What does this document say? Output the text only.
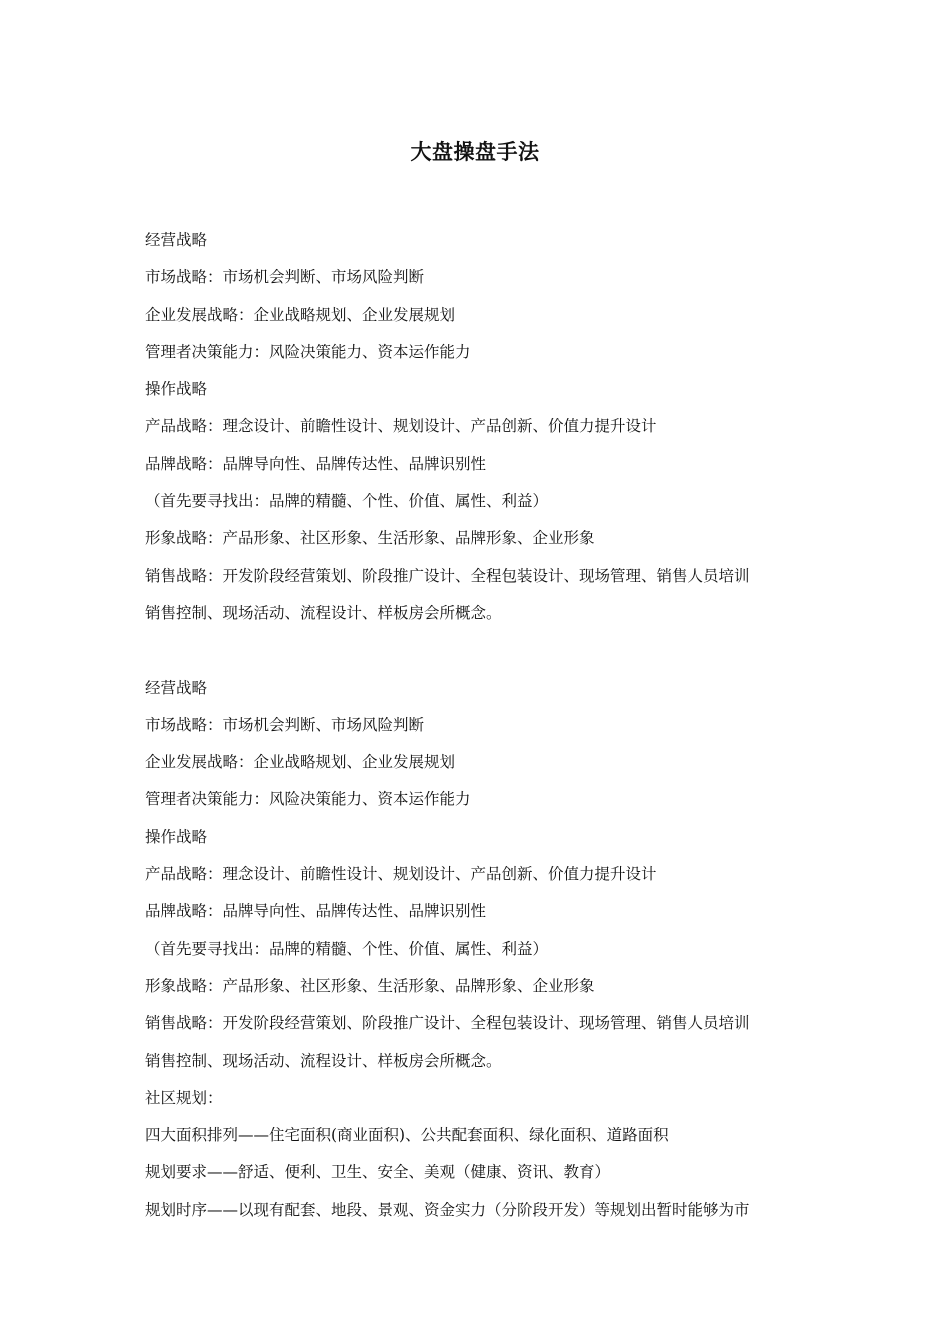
大盘操盘手法
经营战略
市场战略：市场机会判断、市场风险判断
企业发展战略：企业战略规划、企业发展规划
管理者决策能力：风险决策能力、资本运作能力
操作战略
产品战略：理念设计、前瞻性设计、规划设计、产品创新、价值力提升设计
品牌战略：品牌导向性、品牌传达性、品牌识别性
（首先要寻找出：品牌的精髓、个性、价值、属性、利益）
形象战略：产品形象、社区形象、生活形象、品牌形象、企业形象
销售战略：开发阶段经营策划、阶段推广设计、全程包装设计、现场管理、销售人员培训
销售控制、现场活动、流程设计、样板房会所概念。
经营战略
市场战略：市场机会判断、市场风险判断
企业发展战略：企业战略规划、企业发展规划
管理者决策能力：风险决策能力、资本运作能力
操作战略
产品战略：理念设计、前瞻性设计、规划设计、产品创新、价值力提升设计
品牌战略：品牌导向性、品牌传达性、品牌识别性
（首先要寻找出：品牌的精髓、个性、价值、属性、利益）
形象战略：产品形象、社区形象、生活形象、品牌形象、企业形象
销售战略：开发阶段经营策划、阶段推广设计、全程包装设计、现场管理、销售人员培训
销售控制、现场活动、流程设计、样板房会所概念。
社区规划：
四大面积排列——住宅面积(商业面积)、公共配套面积、绿化面积、道路面积
规划要求——舒适、便利、卫生、安全、美观（健康、资讯、教育）
规划时序——以现有配套、地段、景观、资金实力（分阶段开发）等规划出暂时能够为市
